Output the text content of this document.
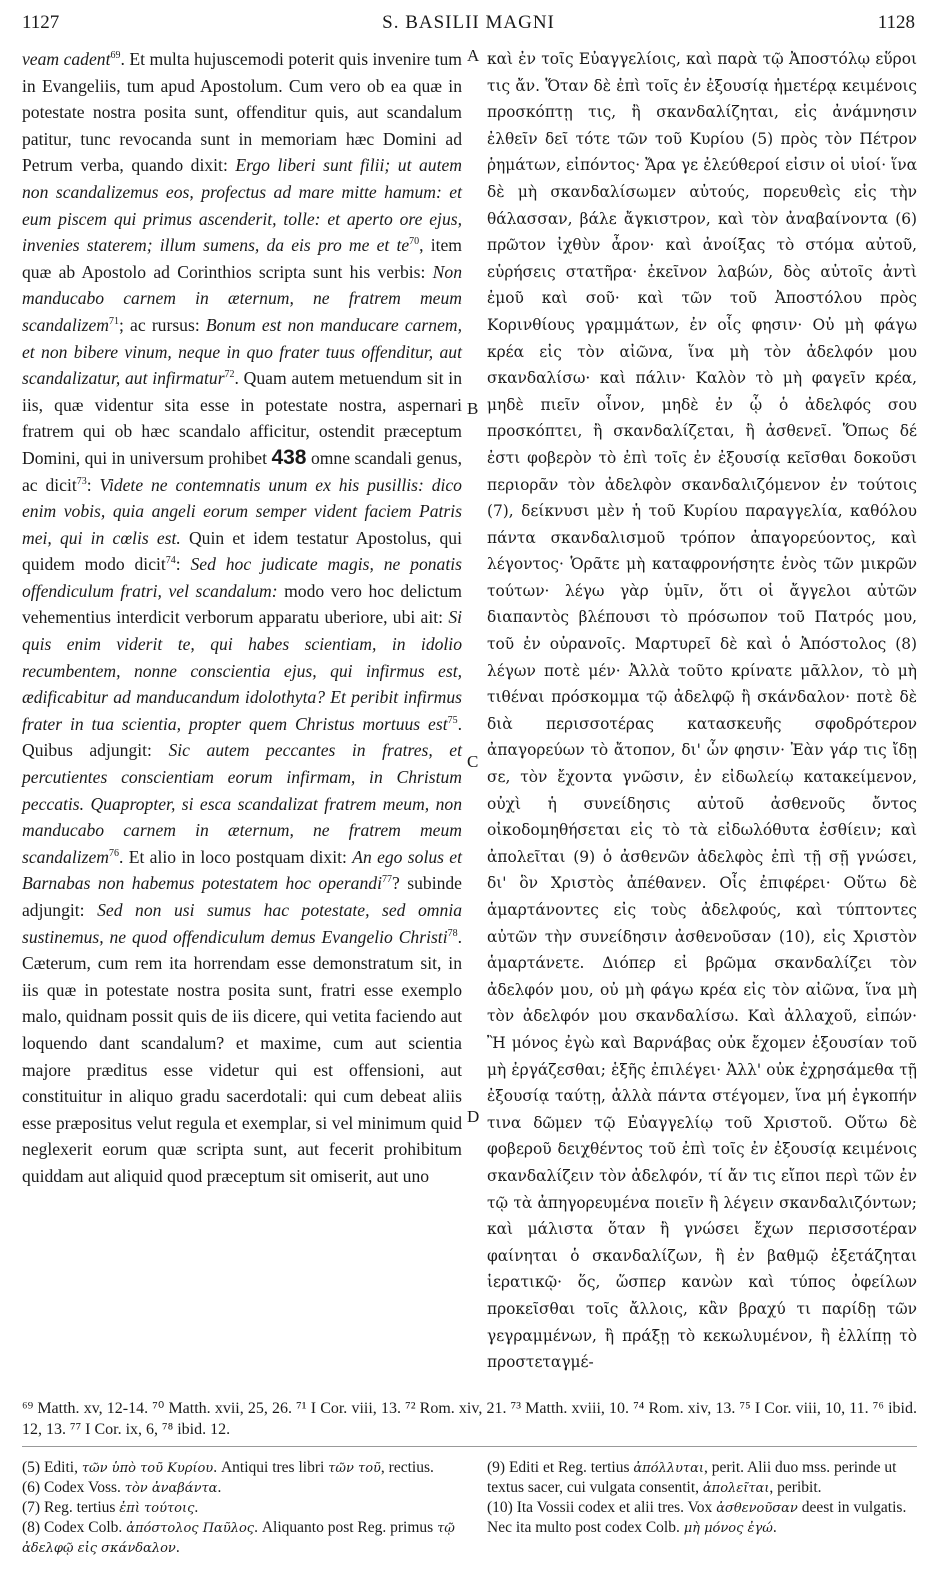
1127	S. BASILII MAGNI	1128

veam cadent$^{69}$. Et multa hujuscemodi poterit quis invenire tum in Evangeliis, tum apud Apostolum. Cum vero ob ea quæ in potestate nostra posita sunt, offenditur quis, aut scandalum patitur, tunc revocanda sunt in memoriam hæc Domini ad Petrum verba, quando dixit: Ergo liberi sunt filii; ut autem non scandalizemus eos, profectus ad mare mitte hamum: et eum piscem qui primus ascenderit, tolle: et aperto ore ejus, invenies staterem; illum sumens, da eis pro me et $te^{70}$, item quæ ab Apostolo ad Corinthios scripta sunt his verbis: Non manducabo carnem in æternum, ne fratrem meum scandalizem$^{71}$; ac rursus: Bonum est non manducare carnem, et non bibere vinum, neque in quo frater tuus offenditur, aut scandalizatur, aut infirmatur$^{72}$. Quam autem metuendum sit in iis, quæ videntur sita esse in potestate nostra, aspernari fratrem qui ob hæc scandalo afficitur, ostendit præceptum Domini, qui in universum prohibet 438 omne scandali genus, ac dicit$^{73}$: Videte ne contemnatis unum ex his pusillis: dico enim vobis, quia angeli eorum semper vident faciem Patris mei, qui in cœlis est. Quin et idem testatur Apostolus, qui quidem modo dicit$^{74}$: Sed hoc judicate magis, ne ponatis offendiculum fratri, vel scandalum: modo vero hoc delictum vehementius interdicit verborum apparatu uberiore, ubi ait: Si quis enim viderit te, qui habes scientiam, in idolio recumbentem, nonne conscientia ejus, qui infirmus est, ædificabitur ad manducandum idolothyta? Et peribit infirmus frater in tua scientia, propter quem Christus mortuus est$^{75}$. Quibus adjungit: Sic autem peccantes in fratres, et percutientes conscientiam eorum infirmam, in Christum peccatis. Quapropter, si esca scandalizat fratrem meum, non manducabo carnem in æternum, ne fratrem meum scandalizem$^{76}$. Et alio in loco postquam dixit: An ego solus et Barnabas non habemus potestatem hoc operandi$^{77}$? subinde adjungit: Sed non usi sumus hac potestate, sed omnia sustinemus, ne quod offendiculum demus Evangelio Christi$^{78}$. Cæterum, cum rem ita horrendam esse demonstratum sit, in iis quæ in potestate nostra posita sunt, fratri esse exemplo malo, quidnam possit quis de iis dicere, qui vetita faciendo aut loquendo dant scandalum? et maxime, cum aut scientia majore præditus esse videtur qui est offensioni, aut constituitur in aliquo gradu sacerdotali: qui cum debeat aliis esse præpositus velut regula et exemplar, si vel minimum quid neglexerit eorum quæ scripta sunt, aut fecerit prohibitum quiddam aut aliquid quod præceptum sit omiserit, aut uno

A
B
C
D

καὶ ἐν τοῖς Εὐαγγελίοις, καὶ παρὰ τῷ Ἀποστόλῳ εὕροι τις ἄν. Ὅταν δὲ ἐπὶ τοῖς ἐν ἐξουσίᾳ ἡμετέρᾳ κειμένοις προσκόπτῃ τις, ἢ σκανδαλίζηται, εἰς ἀνάμνησιν ἐλθεῖν δεῖ τότε τῶν τοῦ Κυρίου (5) πρὸς τὸν Πέτρον ῥημάτων, εἰπόντος· Ἄρα γε ἐλεύθεροί εἰσιν οἱ υἱοί· ἵνα δὲ μὴ σκανδαλίσωμεν αὐτούς, πορευθεὶς εἰς τὴν θάλασσαν, βάλε ἄγκιστρον, καὶ τὸν ἀναβαίνοντα (6) πρῶτον ἰχθὺν ἆρον· καὶ ἀνοίξας τὸ στόμα αὐτοῦ, εὑρήσεις στατῆρα· ἐκεῖνον λαβών, δὸς αὐτοῖς ἀντὶ ἐμοῦ καὶ σοῦ· καὶ τῶν τοῦ Ἀποστόλου πρὸς Κορινθίους γραμμάτων, ἐν οἷς φησιν· Οὐ μὴ φάγω κρέα εἰς τὸν αἰῶνα, ἵνα μὴ τὸν ἀδελφόν μου σκανδαλίσω· καὶ πάλιν· Καλὸν τὸ μὴ φαγεῖν κρέα, μηδὲ πιεῖν οἶνον, μηδὲ ἐν ᾧ ὁ ἀδελφός σου προσκόπτει, ἢ σκανδαλίζεται, ἢ ἀσθενεῖ. Ὅπως δέ ἐστι φοβερὸν τὸ ἐπὶ τοῖς ἐν ἐξουσίᾳ κεῖσθαι δοκοῦσι περιορᾶν τὸν ἀδελφὸν σκανδαλιζόμενον ἐν τούτοις (7), δείκνυσι μὲν ἡ τοῦ Κυρίου παραγγελία, καθόλου πάντα σκανδαλισμοῦ τρόπον ἀπαγορεύοντος, καὶ λέγοντος· Ὁρᾶτε μὴ καταφρονήσητε ἑνὸς τῶν μικρῶν τούτων· λέγω γὰρ ὑμῖν, ὅτι οἱ ἄγγελοι αὐτῶν διαπαντὸς βλέπουσι τὸ πρόσωπον τοῦ Πατρός μου, τοῦ ἐν οὐρανοῖς. Μαρτυρεῖ δὲ καὶ ὁ Ἀπόστολος (8) λέγων ποτὲ μέν· Ἀλλὰ τοῦτο κρίνατε μᾶλλον, τὸ μὴ τιθέναι πρόσκομμα τῷ ἀδελφῷ ἢ σκάνδαλον· ποτὲ δὲ διὰ περισσοτέρας κατασκευῆς σφοδρότερον ἀπαγορεύων τὸ ἄτοπον, δι' ὧν φησιν· Ἐὰν γάρ τις ἴδῃ σε, τὸν ἔχοντα γνῶσιν, ἐν εἰδωλείῳ κατακείμενον, οὐχὶ ἡ συνείδησις αὐτοῦ ἀσθενοῦς ὄντος οἰκοδομηθήσεται εἰς τὸ τὰ εἰδωλόθυτα ἐσθίειν; καὶ ἀπολεῖται (9) ὁ ἀσθενῶν ἀδελφὸς ἐπὶ τῇ σῇ γνώσει, δι' ὃν Χριστὸς ἀπέθανεν. Οἷς ἐπιφέρει· Οὕτω δὲ ἁμαρτάνοντες εἰς τοὺς ἀδελφούς, καὶ τύπτοντες αὐτῶν τὴν συνείδησιν ἀσθενοῦσαν (10), εἰς Χριστὸν ἁμαρτάνετε. Διόπερ εἰ βρῶμα σκανδαλίζει τὸν ἀδελφόν μου, οὐ μὴ φάγω κρέα εἰς τὸν αἰῶνα, ἵνα μὴ τὸν ἀδελφόν μου σκανδαλίσω. Καὶ ἀλλαχοῦ, εἰπών· Ἢ μόνος ἐγὼ καὶ Βαρνάβας οὐκ ἔχομεν ἐξουσίαν τοῦ μὴ ἐργάζεσθαι; ἑξῆς ἐπιλέγει· Ἀλλ' οὐκ ἐχρησάμεθα τῇ ἐξουσίᾳ ταύτῃ, ἀλλὰ πάντα στέγομεν, ἵνα μή ἐγκοπήν τινα δῶμεν τῷ Εὐαγγελίῳ τοῦ Χριστοῦ. Οὕτω δὲ φοβεροῦ δειχθέντος τοῦ ἐπὶ τοῖς ἐν ἐξουσίᾳ κειμένοις σκανδαλίζειν τὸν ἀδελφόν, τί ἄν τις εἴποι περὶ τῶν ἐν τῷ τὰ ἀπηγορευμένα ποιεῖν ἢ λέγειν σκανδαλιζόντων; καὶ μάλιστα ὅταν ἢ γνώσει ἔχων περισσοτέραν φαίνηται ὁ σκανδαλίζων, ἢ ἐν βαθμῷ ἐξετάζηται ἱερατικῷ· ὅς, ὥσπερ κανὼν καὶ τύπος ὀφείλων προκεῖσθαι τοῖς ἄλλοις, κἂν βραχύ τι παρίδῃ τῶν γεγραμμένων, ἢ πράξῃ τὸ κεκωλυμένον, ἢ ἐλλίπῃ τὸ προστεταγμέ-

⁶⁹ Matth. xv, 12-14. ⁷⁰ Matth. xvii, 25, 26. ⁷¹ I Cor. viii, 13. ⁷² Rom. xiv, 21. ⁷³ Matth. xviii, 10. ⁷⁴ Rom. xiv, 13. ⁷⁵ I Cor. viii, 10, 11. ⁷⁶ ibid. 12, 13. ⁷⁷ I Cor. ix, 6, ⁷⁸ ibid. 12.

(5) Editi, τῶν ὑπὸ τοῦ Κυρίου. Antiqui tres libri τῶν τοῦ, rectius.

(6) Codex Voss. τὸν ἀναβάντα.

(7) Reg. tertius ἐπὶ τούτοις.

(8) Codex Colb. ἀπόστολος Παῦλος. Aliquanto post Reg. primus τῷ ἀδελφῷ εἰς σκάνδαλον.

(9) Editi et Reg. tertius ἀπόλλυται, perit. Alii duo mss. perinde ut textus sacer, cui vulgata consentit, ἀπολεῖται, peribit.

(10) Ita Vossii codex et alii tres. Vox ἀσθενοῦσαν deest in vulgatis. Nec ita multo post codex Colb. μὴ μόνος ἐγώ.
